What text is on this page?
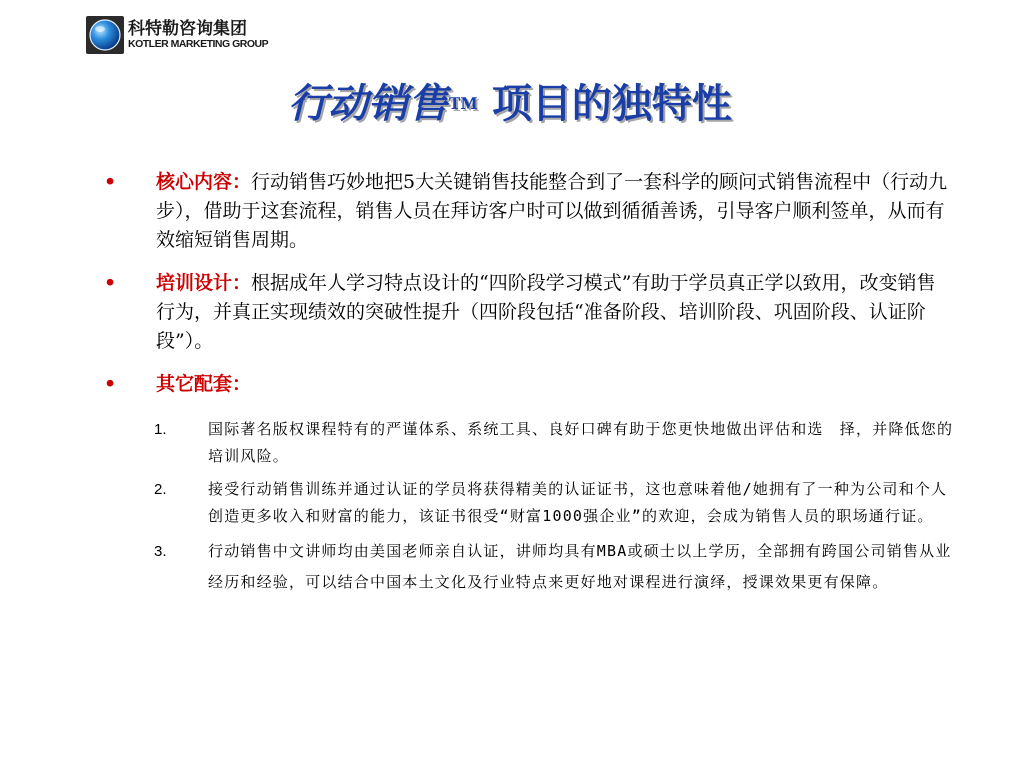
科特勒咨询集团
KOTLER MARKETING GROUP
行动销售™ 项目的独特性
• 核心内容：行动销售巧妙地把5大关键销售技能整合到了一套科学的顾问式销售流程中（行动九步），借助于这套流程，销售人员在拜访客户时可以做到循循善诱，引导客户顺利签单，从而有效缩短销售周期。
• 培训设计：根据成年人学习特点设计的“四阶段学习模式”有助于学员真正学以致用，改变销售行为，并真正实现绩效的突破性提升（四阶段包括“准备阶段、培训阶段、巩固阶段、认证阶段”）。
• 其它配套：
1.	国际著名版权课程特有的严谨体系、系统工具、良好口碑有助于您更快地做出评估和选　择，并降低您的培训风险。
2.	接受行动销售训练并通过认证的学员将获得精美的认证证书，这也意味着他/她拥有了一种为公司和个人创造更多收入和财富的能力，该证书很受“财富1000强企业”的欢迎，会成为销售人员的职场通行证。
3.	行动销售中文讲师均由美国老师亲自认证，讲师均具有MBA或硕士以上学历，全部拥有跨国公司销售从业经历和经验，可以结合中国本土文化及行业特点来更好地对课程进行演绎，授课效果更有保障。
